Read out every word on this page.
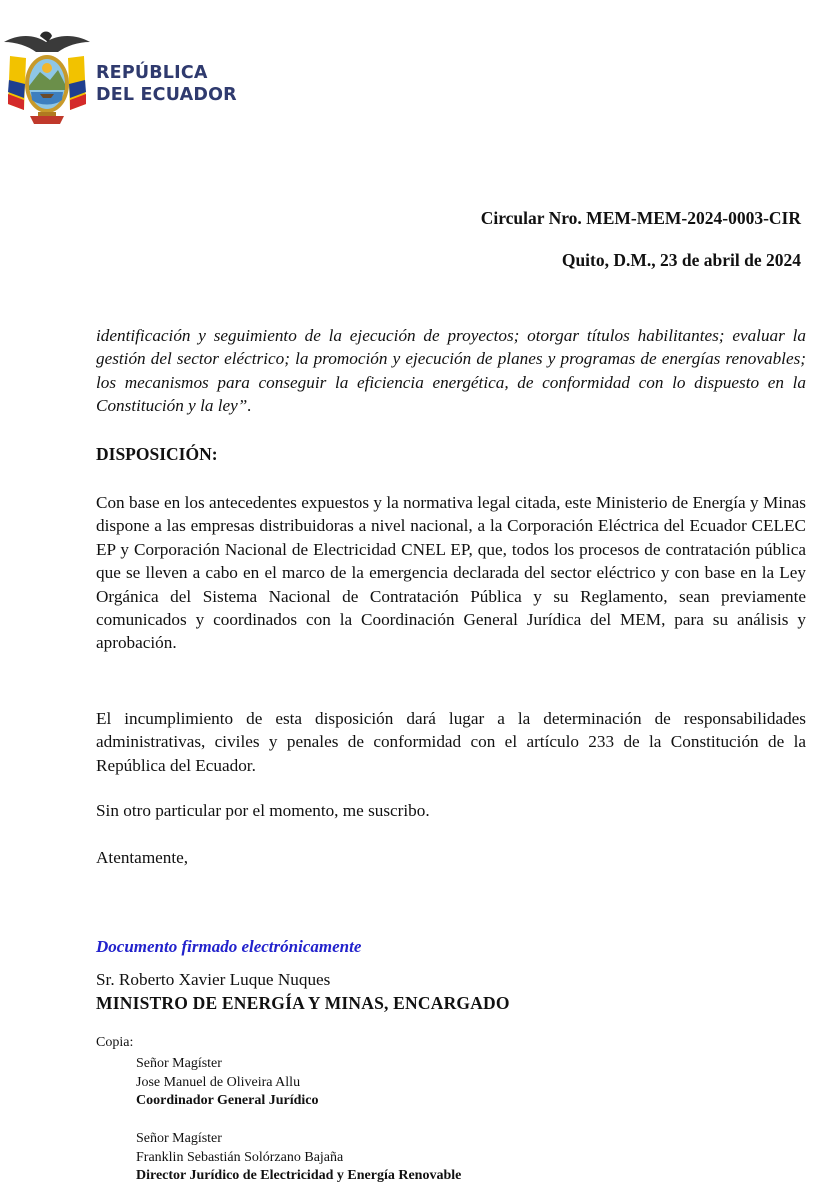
REPÚBLICA
DEL ECUADOR
Circular Nro. MEM-MEM-2024-0003-CIR
Quito, D.M., 23 de abril de 2024
identificación y seguimiento de la ejecución de proyectos; otorgar títulos habilitantes; evaluar la gestión del sector eléctrico; la promoción y ejecución de planes y programas de energías renovables; los mecanismos para conseguir la eficiencia energética, de conformidad con lo dispuesto en la Constitución y la ley”.
DISPOSICIÓN:
Con base en los antecedentes expuestos y la normativa legal citada, este Ministerio de Energía y Minas dispone a las empresas distribuidoras a nivel nacional, a la Corporación Eléctrica del Ecuador CELEC EP y Corporación Nacional de Electricidad CNEL EP, que, todos los procesos de contratación pública que se lleven a cabo en el marco de la emergencia declarada del sector eléctrico y con base en la Ley Orgánica del Sistema Nacional de Contratación Pública y su Reglamento, sean previamente comunicados y coordinados con la Coordinación General Jurídica del MEM, para su análisis y aprobación.
El incumplimiento de esta disposición dará lugar a la determinación de responsabilidades administrativas, civiles y penales de conformidad con el artículo 233 de la Constitución de la República del Ecuador.
Sin otro particular por el momento, me suscribo.
Atentamente,
Documento firmado electrónicamente
Sr. Roberto Xavier Luque Nuques
MINISTRO DE ENERGÍA Y MINAS, ENCARGADO
Copia:
Señor Magíster
Jose Manuel de Oliveira Allu
Coordinador General Jurídico
Señor Magíster
Franklin Sebastián Solórzano Bajaña
Director Jurídico de Electricidad y Energía Renovable
